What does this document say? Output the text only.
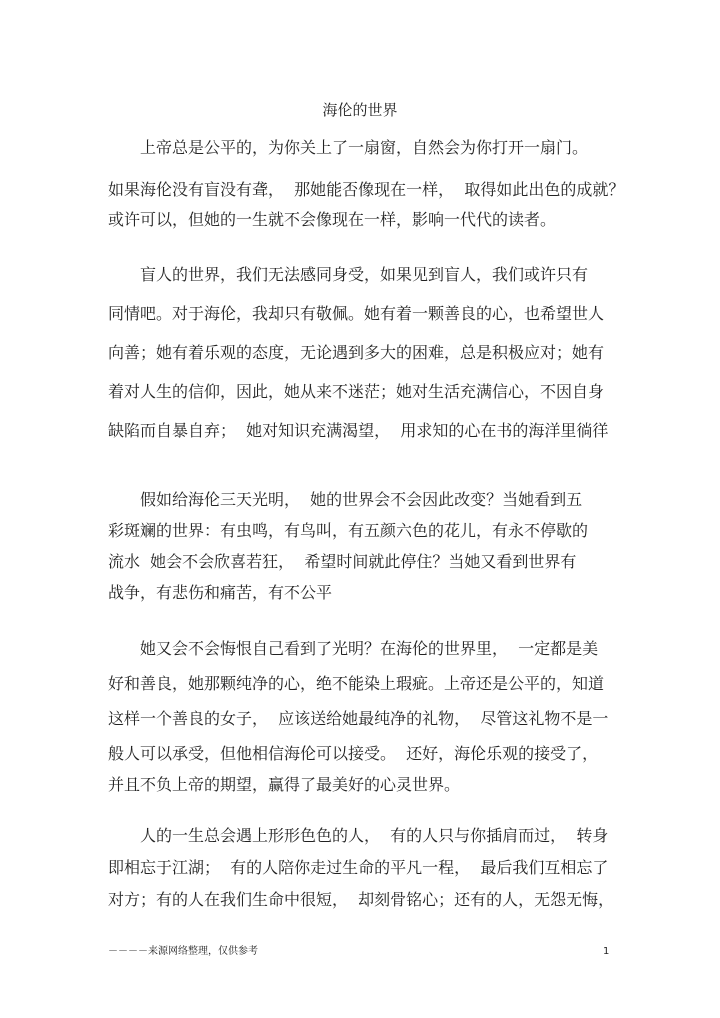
海伦的世界
　　上帝总是公平的，为你关上了一扇窗，自然会为你打开一扇门。
如果海伦没有盲没有聋，  那她能否像现在一样，  取得如此出色的成就？
或许可以，但她的一生就不会像现在一样，影响一代代的读者。
　　盲人的世界，我们无法感同身受，如果见到盲人，我们或许只有
同情吧。对于海伦，我却只有敬佩。她有着一颗善良的心，也希望世人
向善；她有着乐观的态度，无论遇到多大的困难，总是积极应对；她有
着对人生的信仰，因此，她从来不迷茫；她对生活充满信心，不因自身
缺陷而自暴自弃；  她对知识充满渴望，  用求知的心在书的海洋里徜徉
　　假如给海伦三天光明，  她的世界会不会因此改变？当她看到五
彩斑斓的世界：有虫鸣，有鸟叫，有五颜六色的花儿，有永不停歇的
流水  她会不会欣喜若狂，  希望时间就此停住？当她又看到世界有
战争，有悲伤和痛苦，有不公平
　　她又会不会悔恨自己看到了光明？在海伦的世界里，  一定都是美
好和善良，她那颗纯净的心，绝不能染上瑕疵。上帝还是公平的，知道
这样一个善良的女子，  应该送给她最纯净的礼物，  尽管这礼物不是一
般人可以承受，但他相信海伦可以接受。  还好，海伦乐观的接受了，
并且不负上帝的期望，赢得了最美好的心灵世界。
　　人的一生总会遇上形形色色的人，  有的人只与你插肩而过，  转身
即相忘于江湖；  有的人陪你走过生命的平凡一程，  最后我们互相忘了
对方；有的人在我们生命中很短，  却刻骨铭心；还有的人，无怨无悔，
－－－－来源网络整理，仅供参考	1
